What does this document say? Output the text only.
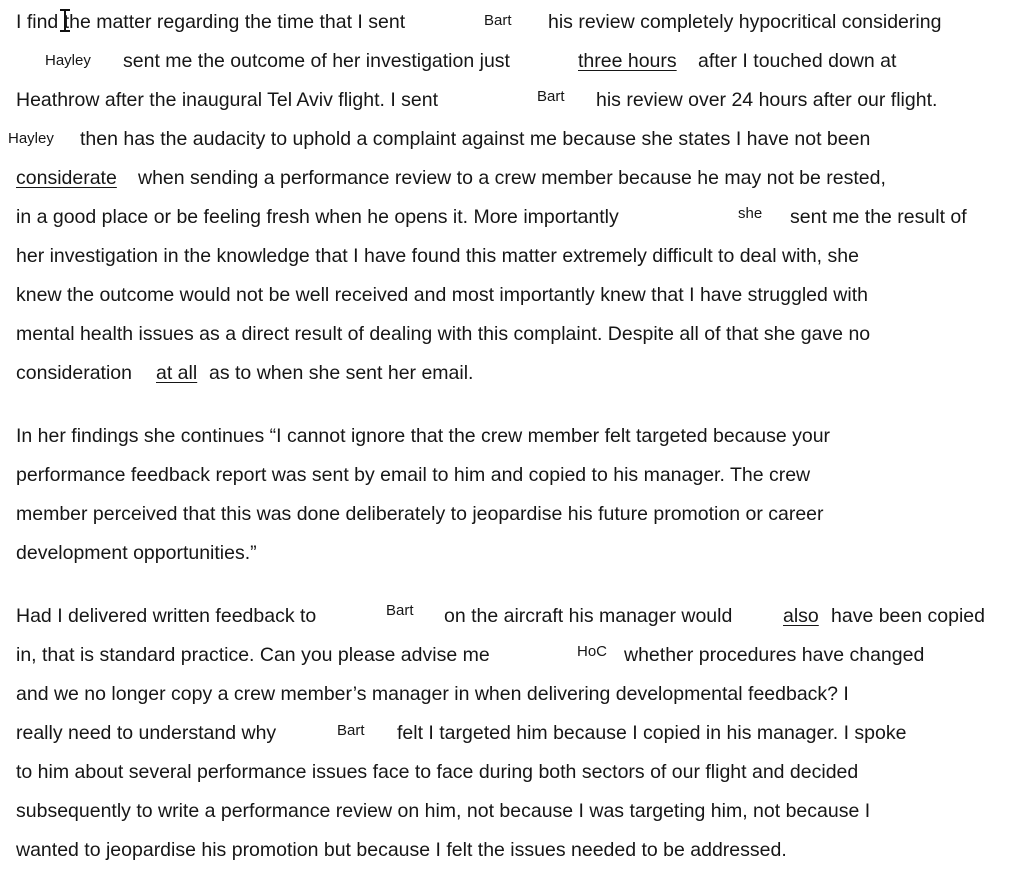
I find the matter regarding the time that I sent	his review completely hypocritical considering
Bart
sent me the outcome of her investigation just	three hours after I touched down at
Hayley
Heathrow after the inaugural Tel Aviv flight. I sent	his review over 24 hours after our flight.
Bart
then has the audacity to uphold a complaint against me because she states I have not been
Hayley
considerate when sending a performance review to a crew member because he may not be rested,
in a good place or be feeling fresh when he opens it. More importantly	sent me the result of
she
her investigation in the knowledge that I have found this matter extremely difficult to deal with, she
knew the outcome would not be well received and most importantly knew that I have struggled with
mental health issues as a direct result of dealing with this complaint. Despite all of that she gave no
consideration at all as to when she sent her email.
In her findings she continues “I cannot ignore that the crew member felt targeted because your
performance feedback report was sent by email to him and copied to his manager. The crew
member perceived that this was done deliberately to jeopardise his future promotion or career
development opportunities.”
Had I delivered written feedback to	on the aircraft his manager would	also have been copied
Bart
in, that is standard practice. Can you please advise me	whether procedures have changed
HoC
and we no longer copy a crew member’s manager in when delivering developmental feedback? I
really need to understand why	felt I targeted him because I copied in his manager. I spoke
Bart
to him about several performance issues face to face during both sectors of our flight and decided
subsequently to write a performance review on him, not because I was targeting him, not because I
wanted to jeopardise his promotion but because I felt the issues needed to be addressed.
